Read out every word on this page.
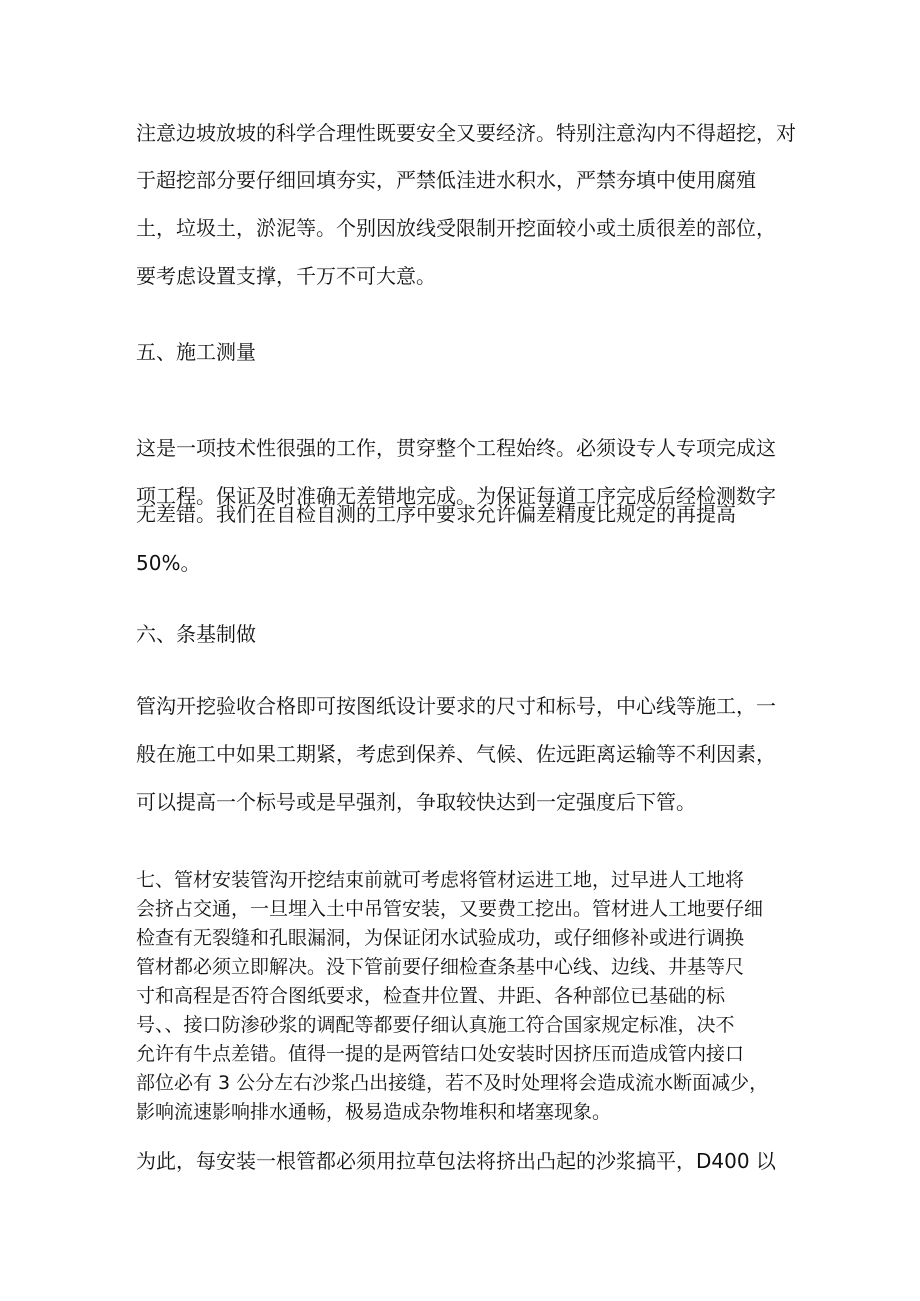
注意边坡放坡的科学合理性既要安全又要经济。特别注意沟内不得超挖，对
于超挖部分要仔细回填夯实，严禁低洼进水积水，严禁夯填中使用腐殖
土，垃圾土，淤泥等。个别因放线受限制开挖面较小或土质很差的部位，
要考虑设置支撑，千万不可大意。
五、施工测量
这是一项技术性很强的工作，贯穿整个工程始终。必须设专人专项完成这
项工程。保证及时准确无差错地完成。为保证每道工序完成后经检测数字
无差错。我们在自检自测的工序中要求允许偏差精度比规定的再提高
50%。
六、条基制做
管沟开挖验收合格即可按图纸设计要求的尺寸和标号，中心线等施工，一
般在施工中如果工期紧，考虑到保养、气候、佐远距离运输等不利因素，
可以提高一个标号或是早强剂，争取较快达到一定强度后下管。
七、管材安装管沟开挖结束前就可考虑将管材运进工地，过早进人工地将
会挤占交通，一旦埋入土中吊管安装，又要费工挖出。管材进人工地要仔细
检查有无裂缝和孔眼漏洞，为保证闭水试验成功，或仔细修补或进行调换
管材都必须立即解决。没下管前要仔细检查条基中心线、边线、井基等尺
寸和高程是否符合图纸要求，检查井位置、井距、各种部位已基础的标
号、、接口防渗砂浆的调配等都要仔细认真施工符合国家规定标准，决不
允许有牛点差错。值得一提的是两管结口处安装时因挤压而造成管内接口
部位必有 3 公分左右沙浆凸出接缝，若不及时处理将会造成流水断面减少，
影响流速影响排水通畅，极易造成杂物堆积和堵塞现象。
为此，每安装一根管都必须用拉草包法将挤出凸起的沙浆搞平，D400 以
